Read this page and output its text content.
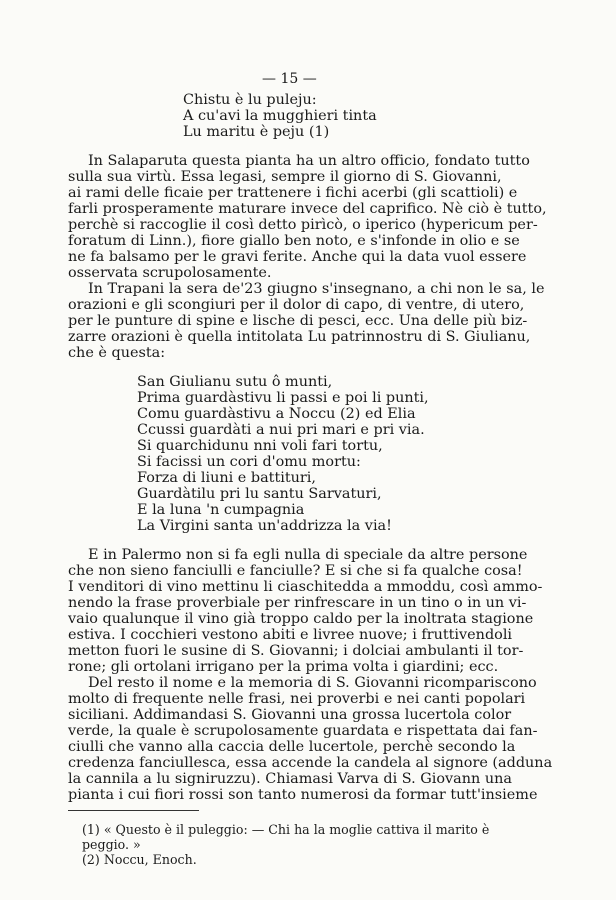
— 15 —
Chistu è lu puleju:
A cu'avi la mugghieri tinta
Lu maritu è peju (1)
In Salaparuta questa pianta ha un altro officio, fondato tutto
sulla sua virtù. Essa legasi, sempre il giorno di S. Giovanni,
ai rami delle ficaie per trattenere i fichi acerbi (gli scattioli) e
farli prosperamente maturare invece del caprifico. Nè ciò è tutto,
perchè si raccoglie il così detto pirìcò, o iperico (hypericum per-
foratum di Linn.), fiore giallo ben noto, e s'infonde in olio e se
ne fa balsamo per le gravi ferite. Anche qui la data vuol essere
osservata scrupolosamente.
In Trapani la sera de'23 giugno s'insegnano, a chi non le sa, le
orazioni e gli scongiuri per il dolor di capo, di ventre, di utero,
per le punture di spine e lische di pesci, ecc. Una delle più biz-
zarre orazioni è quella intitolata Lu patrinnostru di S. Giulianu,
che è questa:
San Giulianu sutu ô munti,
Prima guardàstivu li passi e poi li punti,
Comu guardàstivu a Noccu (2) ed Elia
Ccussi guardàti a nui pri mari e pri via.
Si quarchidunu nni voli fari tortu,
Si facissi un cori d'omu mortu:
Forza di liuni e battituri,
Guardàtilu pri lu santu Sarvaturi,
E la luna 'n cumpagnia
La Virgini santa un'addrizza la via!
E in Palermo non si fa egli nulla di speciale da altre persone
che non sieno fanciulli e fanciulle? E si che si fa qualche cosa!
I venditori di vino mettinu li ciaschitedda a mmoddu, così ammo-
nendo la frase proverbiale per rinfrescare in un tino o in un vi-
vaio qualunque il vino già troppo caldo per la inoltrata stagione
estiva. I cocchieri vestono abiti e livree nuove; i fruttivendoli
metton fuori le susine di S. Giovanni; i dolciai ambulanti il tor-
rone; gli ortolani irrigano per la prima volta i giardini; ecc.
Del resto il nome e la memoria di S. Giovanni ricompariscono
molto di frequente nelle frasi, nei proverbi e nei canti popolari
siciliani. Addimandasi S. Giovanni una grossa lucertola color
verde, la quale è scrupolosamente guardata e rispettata dai fan-
ciulli che vanno alla caccia delle lucertole, perchè secondo la
credenza fanciullesca, essa accende la candela al signore (adduna
la cannila a lu signiruzzu). Chiamasi Varva di S. Giovann una
pianta i cui fiori rossi son tanto numerosi da formar tutt'insieme
(1) « Questo è il puleggio: — Chi ha la moglie cattiva il marito è
peggio. »
(2) Noccu, Enoch.
